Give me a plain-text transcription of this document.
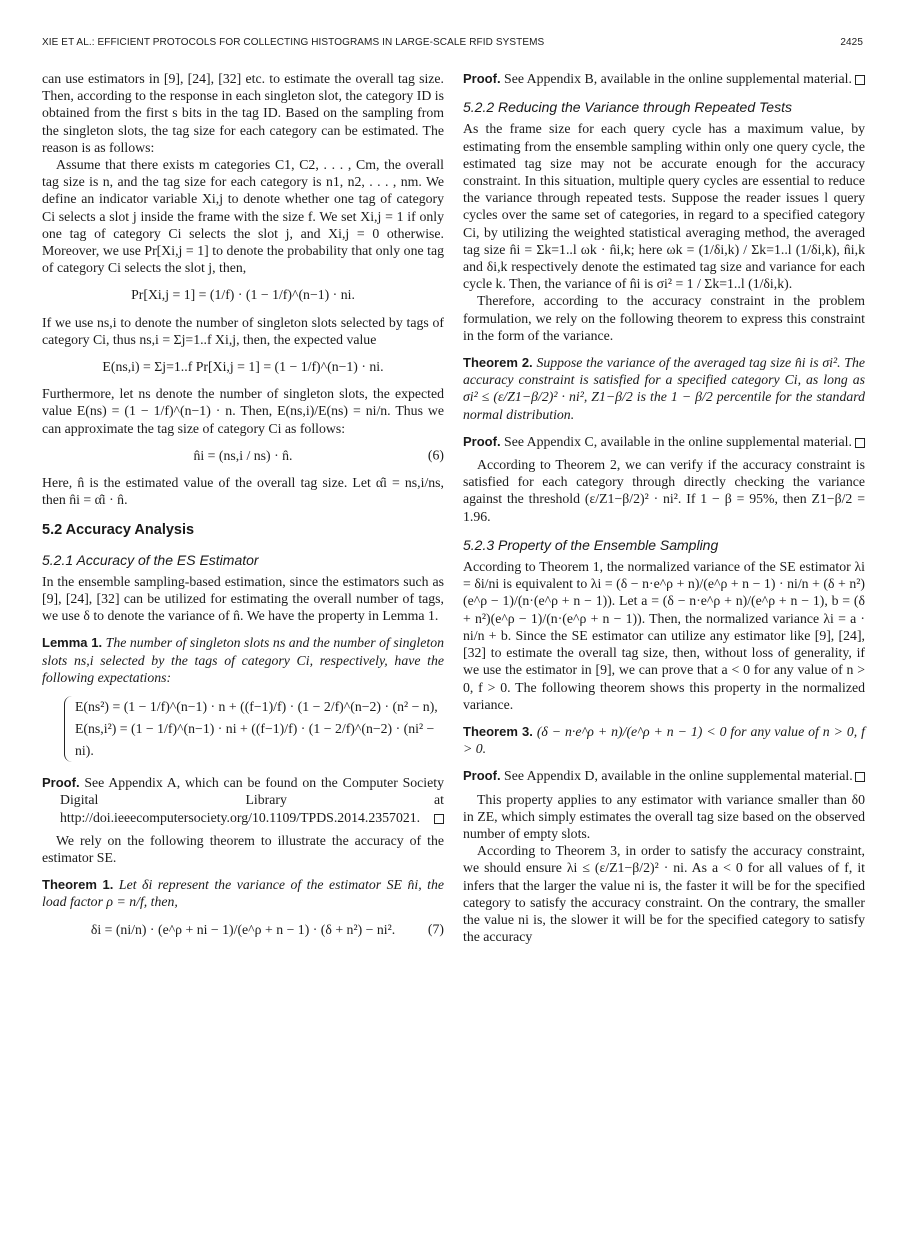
XIE ET AL.: EFFICIENT PROTOCOLS FOR COLLECTING HISTOGRAMS IN LARGE-SCALE RFID SYSTEMS	2425

can use estimators in [9], [24], [32] etc. to estimate the overall tag size. Then, according to the response in each singleton slot, the category ID is obtained from the first s bits in the tag ID. Based on the sampling from the singleton slots, the tag size for each category can be estimated. The reason is as follows:

Assume that there exists m categories C1, C2, . . . , Cm, the overall tag size is n, and the tag size for each category is n1, n2, . . . , nm. We define an indicator variable Xi,j to denote whether one tag of category Ci selects a slot j inside the frame with the size f. We set Xi,j = 1 if only one tag of category Ci selects the slot j, and Xi,j = 0 otherwise. Moreover, we use Pr[Xi,j = 1] to denote the probability that only one tag of category Ci selects the slot j, then,

Pr[Xi,j = 1] = (1/f) · (1 − 1/f)^(n−1) · ni.

If we use ns,i to denote the number of singleton slots selected by tags of category Ci, thus ns,i = Σj=1..f Xi,j, then, the expected value

E(ns,i) = Σj=1..f Pr[Xi,j = 1] = (1 − 1/f)^(n−1) · ni.

Furthermore, let ns denote the number of singleton slots, the expected value E(ns) = (1 − 1/f)^(n−1) · n. Then, E(ns,i)/E(ns) = ni/n. Thus we can approximate the tag size of category Ci as follows:

n̂i = (ns,i / ns) · n̂.	(6)

Here, n̂ is the estimated value of the overall tag size. Let α̂i = ns,i/ns, then n̂i = α̂i · n̂.

5.2 Accuracy Analysis
5.2.1 Accuracy of the ES Estimator

In the ensemble sampling-based estimation, since the estimators such as [9], [24], [32] can be utilized for estimating the overall number of tags, we use δ to denote the variance of n̂. We have the property in Lemma 1.

Lemma 1. The number of singleton slots ns and the number of singleton slots ns,i selected by the tags of category Ci, respectively, have the following expectations:

E(ns²) = (1 − 1/f)^(n−1) · n + ((f−1)/f) · (1 − 2/f)^(n−2) · (n² − n),
E(ns,i²) = (1 − 1/f)^(n−1) · ni + ((f−1)/f) · (1 − 2/f)^(n−2) · (ni² − ni).

Proof. See Appendix A, which can be found on the Computer Society Digital Library at http://doi.ieeecomputersociety.org/10.1109/TPDS.2014.2357021.

We rely on the following theorem to illustrate the accuracy of the estimator SE.

Theorem 1. Let δi represent the variance of the estimator SE n̂i, the load factor ρ = n/f, then,

δi = (ni/n) · (e^ρ + ni − 1)/(e^ρ + n − 1) · (δ + n²) − ni². (7)

Proof. See Appendix B, available in the online supplemental material.

5.2.2 Reducing the Variance through Repeated Tests

As the frame size for each query cycle has a maximum value, by estimating from the ensemble sampling within only one query cycle, the estimated tag size may not be accurate enough for the accuracy constraint. In this situation, multiple query cycles are essential to reduce the variance through repeated tests. Suppose the reader issues l query cycles over the same set of categories, in regard to a specified category Ci, by utilizing the weighted statistical averaging method, the averaged tag size n̂i = Σk=1..l ωk · n̂i,k; here ωk = (1/δi,k) / Σk=1..l (1/δi,k), n̂i,k and δi,k respectively denote the estimated tag size and variance for each cycle k. Then, the variance of n̂i is σi² = 1 / Σk=1..l (1/δi,k).

Therefore, according to the accuracy constraint in the problem formulation, we rely on the following theorem to express this constraint in the form of the variance.

Theorem 2. Suppose the variance of the averaged tag size n̂i is σi². The accuracy constraint is satisfied for a specified category Ci, as long as σi² ≤ (ε/Z1−β/2)² · ni², Z1−β/2 is the 1 − β/2 percentile for the standard normal distribution.

Proof. See Appendix C, available in the online supplemental material.

According to Theorem 2, we can verify if the accuracy constraint is satisfied for each category through directly checking the variance against the threshold (ε/Z1−β/2)² · ni². If 1 − β = 95%, then Z1−β/2 = 1.96.

5.2.3 Property of the Ensemble Sampling

According to Theorem 1, the normalized variance of the SE estimator λi = δi/ni is equivalent to λi = (δ − n·e^ρ + n)/(e^ρ + n − 1) · ni/n + (δ + n²)(e^ρ − 1)/(n·(e^ρ + n − 1)). Let a = (δ − n·e^ρ + n)/(e^ρ + n − 1), b = (δ + n²)(e^ρ − 1)/(n·(e^ρ + n − 1)). Then, the normalized variance λi = a · ni/n + b. Since the SE estimator can utilize any estimator like [9], [24], [32] to estimate the overall tag size, then, without loss of generality, if we use the estimator in [9], we can prove that a < 0 for any value of n > 0, f > 0. The following theorem shows this property in the normalized variance.

Theorem 3. (δ − n·e^ρ + n)/(e^ρ + n − 1) < 0 for any value of n > 0, f > 0.

Proof. See Appendix D, available in the online supplemental material.

This property applies to any estimator with variance smaller than δ0 in ZE, which simply estimates the overall tag size based on the observed number of empty slots.

According to Theorem 3, in order to satisfy the accuracy constraint, we should ensure λi ≤ (ε/Z1−β/2)² · ni. As a < 0 for all values of f, it infers that the larger the value ni is, the faster it will be for the specified category to satisfy the accuracy constraint. On the contrary, the smaller the value ni is, the slower it will be for the specified category to satisfy the accuracy
